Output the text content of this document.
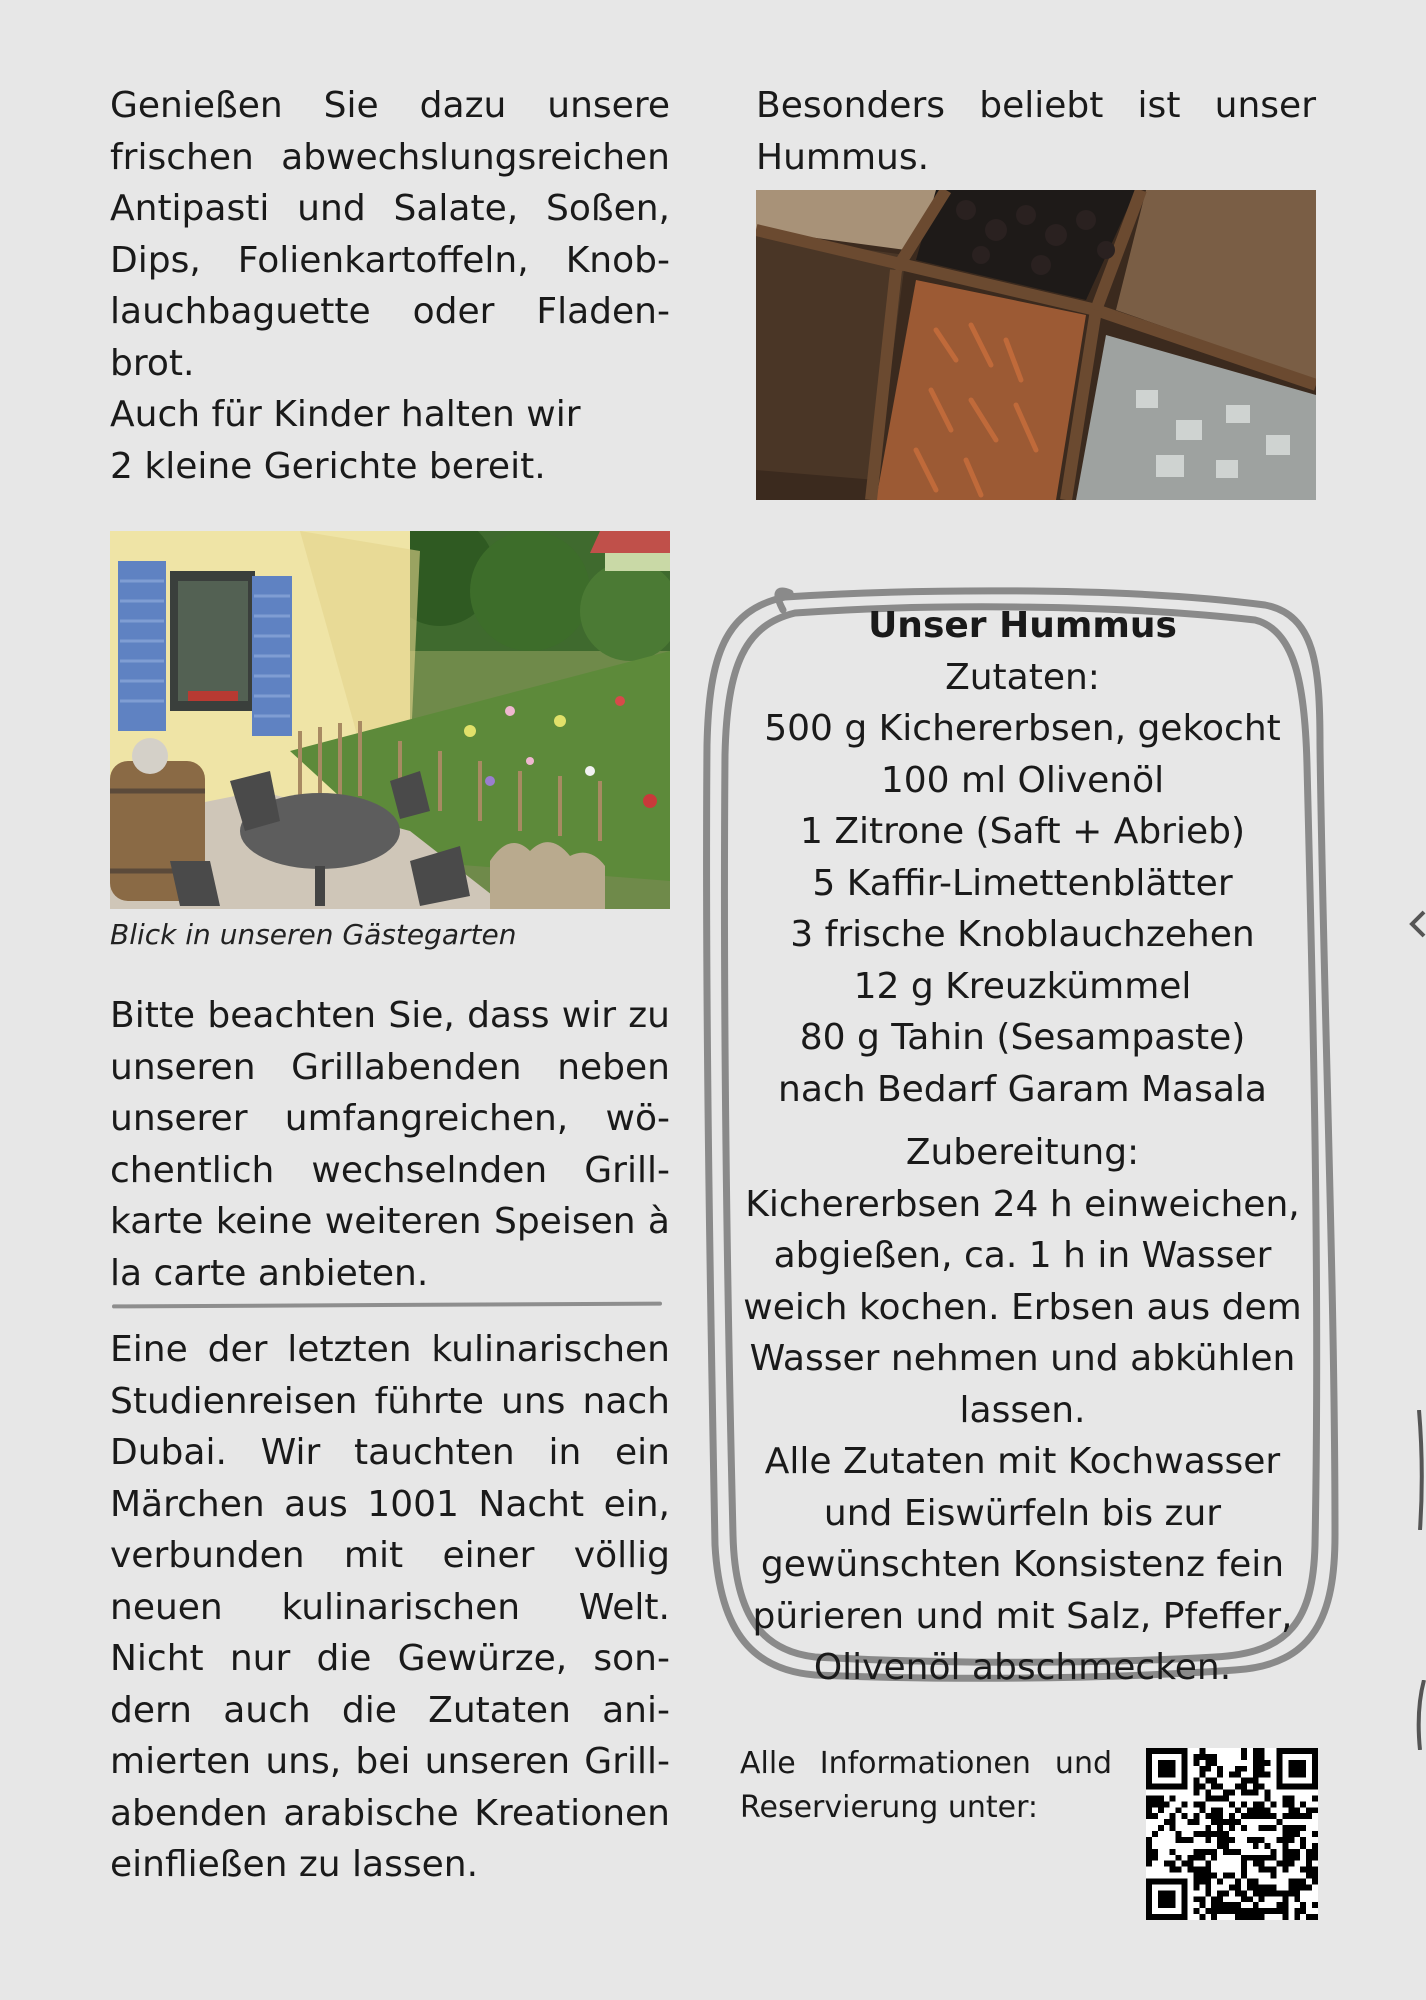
Genießen Sie dazu unsere frischen abwechslungsreichen Antipasti und Salate, Soßen, Dips, Folienkartoffeln, Knoblauchbaguette oder Fladenbrot.

Auch für Kinder halten wir

2 kleine Gerichte bereit.

Blick in unseren Gästegarten

Bitte beachten Sie, dass wir zu unseren Grillabenden neben unserer umfangreichen, wöchentlich wechselnden Grillkarte keine weiteren Speisen à la carte anbieten.

Eine der letzten kulinarischen Studienreisen führte uns nach Dubai. Wir tauchten in ein Märchen aus 1001 Nacht ein, verbunden mit einer völlig neuen kulinarischen Welt. Nicht nur die Gewürze, sondern auch die Zutaten animierten uns, bei unseren Grillabenden arabische Kreationen einfließen zu lassen.

Besonders beliebt ist unser Hummus.

Unser Hummus
Zutaten:
500 g Kichererbsen, gekocht
100 ml Olivenöl
1 Zitrone (Saft + Abrieb)
5 Kaffir-Limettenblätter
3 frische Knoblauchzehen
12 g Kreuzkümmel
80 g Tahin (Sesampaste)
nach Bedarf Garam Masala
Zubereitung:
Kichererbsen 24 h einweichen, abgießen, ca. 1 h in Wasser weich kochen. Erbsen aus dem Wasser nehmen und abkühlen lassen.
Alle Zutaten mit Kochwasser und Eiswürfeln bis zur gewünschten Konsistenz fein pürieren und mit Salz, Pfeffer, Olivenöl abschmecken.
Alle Informationen und Reservierung unter:
